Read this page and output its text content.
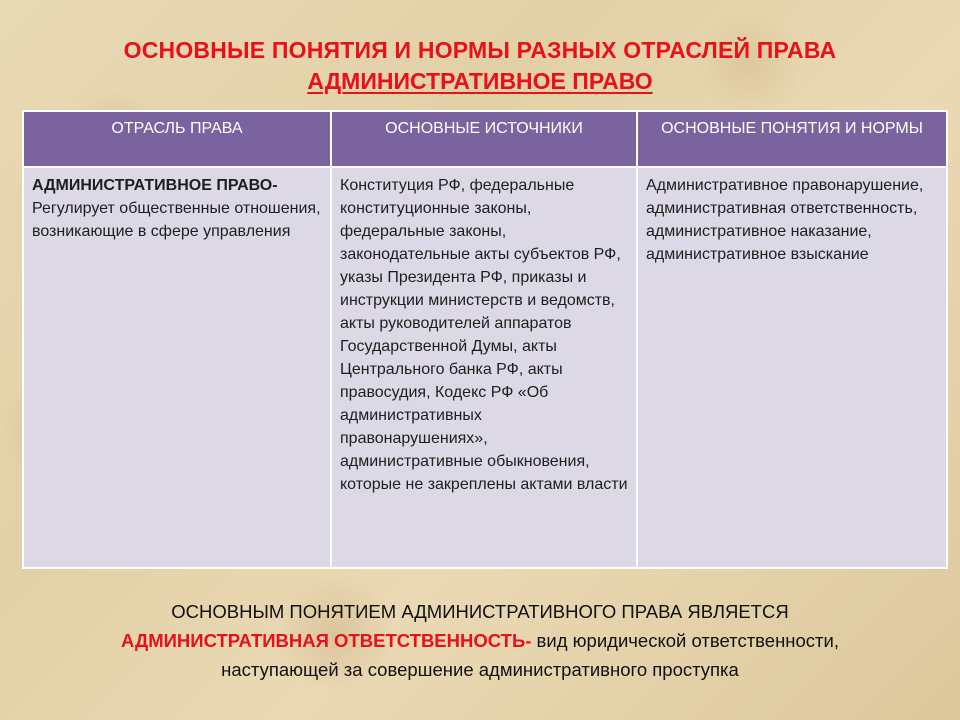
ОСНОВНЫЕ ПОНЯТИЯ И НОРМЫ РАЗНЫХ ОТРАСЛЕЙ ПРАВА
АДМИНИСТРАТИВНОЕ ПРАВО
ОТРАСЛЬ ПРАВА	ОСНОВНЫЕ ИСТОЧНИКИ	ОСНОВНЫЕ ПОНЯТИЯ И НОРМЫ
АДМИНИСТРАТИВНОЕ ПРАВО-
Регулирует общественные отношения, возникающие в сфере управления	Конституция РФ, федеральные конституционные законы, федеральные законы, законодательные акты субъектов РФ, указы Президента РФ, приказы и инструкции министерств и ведомств, акты руководителей аппаратов Государственной Думы, акты Центрального банка РФ, акты правосудия, Кодекс РФ «Об административных правонарушениях», административные обыкновения, которые не закреплены актами власти	Административное правонарушение, административная ответственность, административное наказание, административное взыскание
ОСНОВНЫМ ПОНЯТИЕМ АДМИНИСТРАТИВНОГО ПРАВА ЯВЛЯЕТСЯ
АДМИНИСТРАТИВНАЯ ОТВЕТСТВЕННОСТЬ- вид юридической ответственности,
наступающей за совершение административного проступка
